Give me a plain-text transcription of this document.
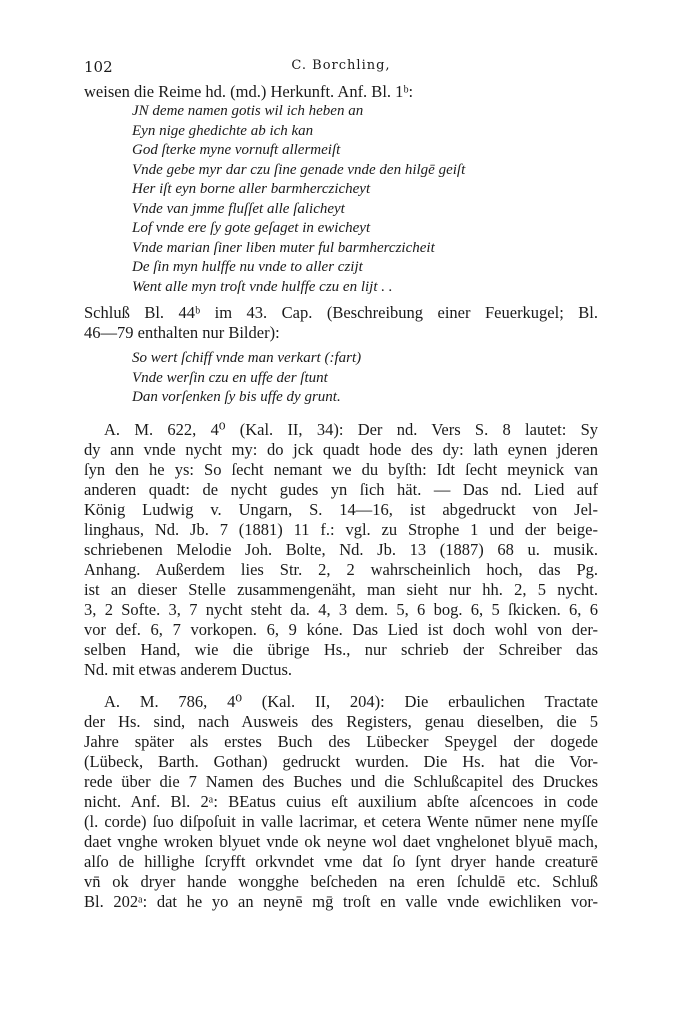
102	C. Borchling,
weisen die Reime hd. (md.) Herkunft. Anf. Bl. 1ᵇ:
JN deme namen gotis wil ich heben an
Eyn nige ghedichte ab ich kan
God ſterke myne vornuft allermeiſt
Vnde gebe myr dar czu ſine genade vnde den hilgē geiſt
Her iſt eyn borne aller barmherczicheyt
Vnde van jmme fluſſet alle ſalicheyt
Lof vnde ere ſy gote geſaget in ewicheyt
Vnde marian ſiner liben muter ful barmherczicheit
De ſin myn hulffe nu vnde to aller czijt
Went alle myn troſt vnde hulffe czu en lijt . .
Schluß Bl. 44ᵇ im 43. Cap. (Beschreibung einer Feuerkugel; Bl.
46—79 enthalten nur Bilder):
So wert ſchiff vnde man verkart (:fart)
Vnde werſin czu en uffe der ſtunt
Dan vorſenken ſy bis uffe dy grunt.
A. M. 622, 4⁰ (Kal. II, 34): Der nd. Vers S. 8 lautet: Sy
dy ann vnde nycht my: do jck quadt hode des dy: lath eynen jderen
ſyn den he ys: So ſecht nemant we du byſth: Idt ſecht meynick van
anderen quadt: de nycht gudes yn ſich hät. — Das nd. Lied auf
König Ludwig v. Ungarn, S. 14—16, ist abgedruckt von Jel-
linghaus, Nd. Jb. 7 (1881) 11 f.: vgl. zu Strophe 1 und der beige-
schriebenen Melodie Joh. Bolte, Nd. Jb. 13 (1887) 68 u. musik.
Anhang. Außerdem lies Str. 2, 2 wahrscheinlich hoch, das Pg.
ist an dieser Stelle zusammengenäht, man sieht nur hh. 2, 5 nycht.
3, 2 Softe. 3, 7 nycht steht da. 4, 3 dem. 5, 6 bog. 6, 5 ſkicken. 6, 6
vor def. 6, 7 vorkopen. 6, 9 kóne. Das Lied ist doch wohl von der-
selben Hand, wie die übrige Hs., nur schrieb der Schreiber das
Nd. mit etwas anderem Ductus.
A. M. 786, 4⁰ (Kal. II, 204): Die erbaulichen Tractate
der Hs. sind, nach Ausweis des Registers, genau dieselben, die 5
Jahre später als erstes Buch des Lübecker Speygel der dogede
(Lübeck, Barth. Gothan) gedruckt wurden. Die Hs. hat die Vor-
rede über die 7 Namen des Buches und die Schlußcapitel des Druckes
nicht. Anf. Bl. 2ᵃ: BEatus cuius eſt auxilium abſte aſcencoes in code
(l. corde) ſuo diſpoſuit in valle lacrimar, et cetera Wente nūmer nene myſſe
daet vnghe wroken blyuet vnde ok neyne wol daet vnghelonet blyuē mach,
alſo de hillighe ſcryfft orkvndet vme dat ſo ſynt dryer hande creaturē
vn̄ ok dryer hande wongghe beſcheden na eren ſchuldē etc. Schluß
Bl. 202ᵃ: dat he yo an neynē mḡ troſt en valle vnde ewichliken vor-
